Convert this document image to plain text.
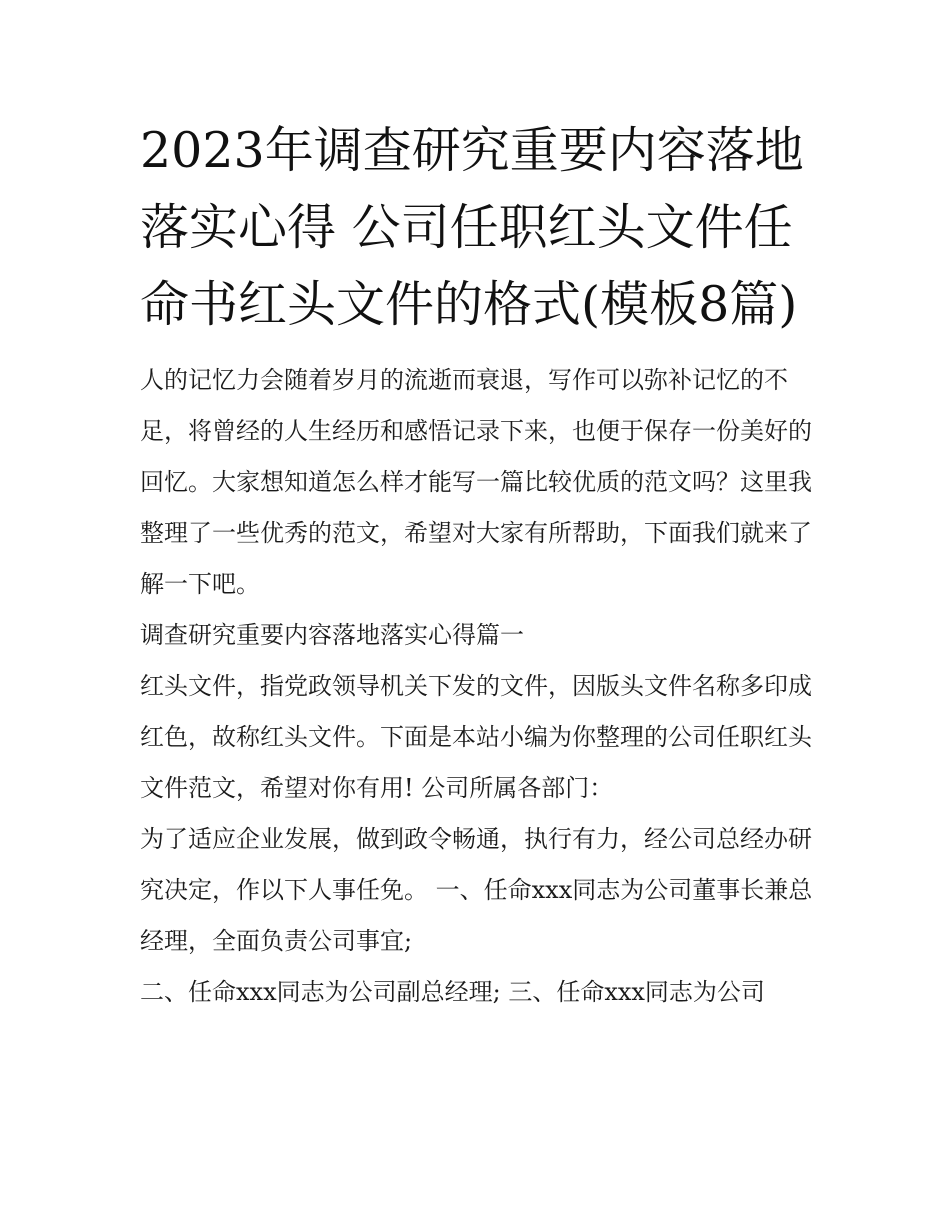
2023年调查研究重要内容落地落实心得 公司任职红头文件任命书红头文件的格式(模板8篇)

人的记忆力会随着岁月的流逝而衰退，写作可以弥补记忆的不足，将曾经的人生经历和感悟记录下来，也便于保存一份美好的回忆。大家想知道怎么样才能写一篇比较优质的范文吗？这里我整理了一些优秀的范文，希望对大家有所帮助，下面我们就来了解一下吧。

调查研究重要内容落地落实心得篇一

红头文件，指党政领导机关下发的文件，因版头文件名称多印成红色，故称红头文件。下面是本站小编为你整理的公司任职红头文件范文，希望对你有用! 公司所属各部门：

为了适应企业发展，做到政令畅通，执行有力，经公司总经办研究决定，作以下人事任免。 一、任命xxx同志为公司董事长兼总经理，全面负责公司事宜;

二、任命xxx同志为公司副总经理; 三、任命xxx同志为公司
